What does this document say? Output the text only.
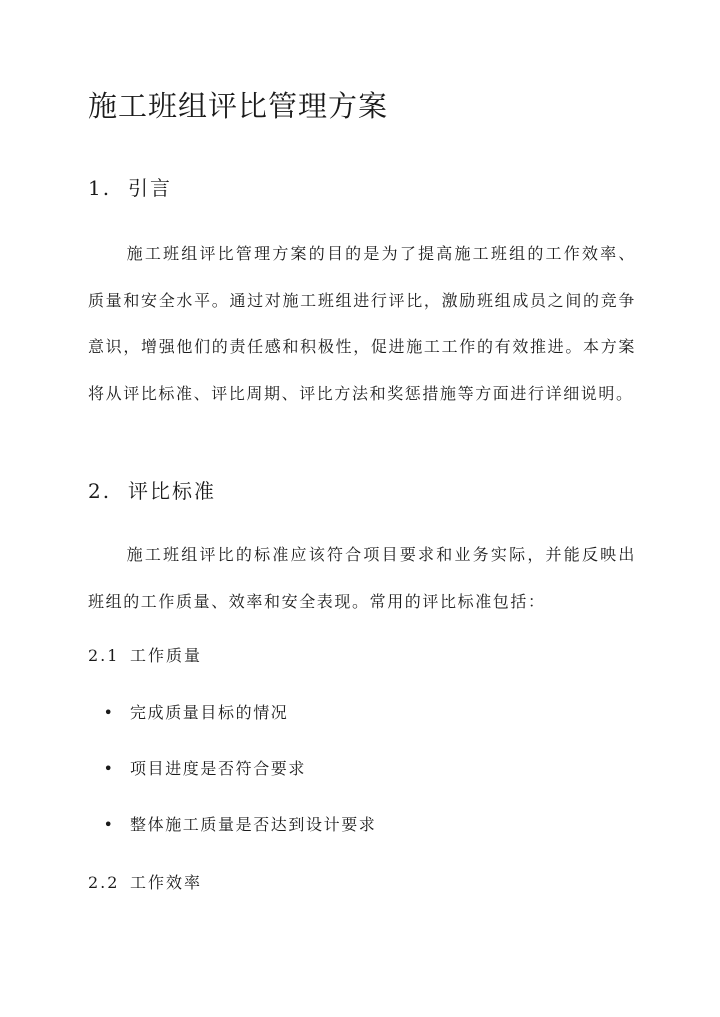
施工班组评比管理方案
1. 引言

施工班组评比管理方案的目的是为了提高施工班组的工作效率、质量和安全水平。通过对施工班组进行评比，激励班组成员之间的竞争意识，增强他们的责任感和积极性，促进施工工作的有效推进。本方案将从评比标准、评比周期、评比方法和奖惩措施等方面进行详细说明。

2. 评比标准

施工班组评比的标准应该符合项目要求和业务实际，并能反映出班组的工作质量、效率和安全表现。常用的评比标准包括：

2.1 工作质量
• 完成质量目标的情况
• 项目进度是否符合要求
• 整体施工质量是否达到设计要求
2.2 工作效率
